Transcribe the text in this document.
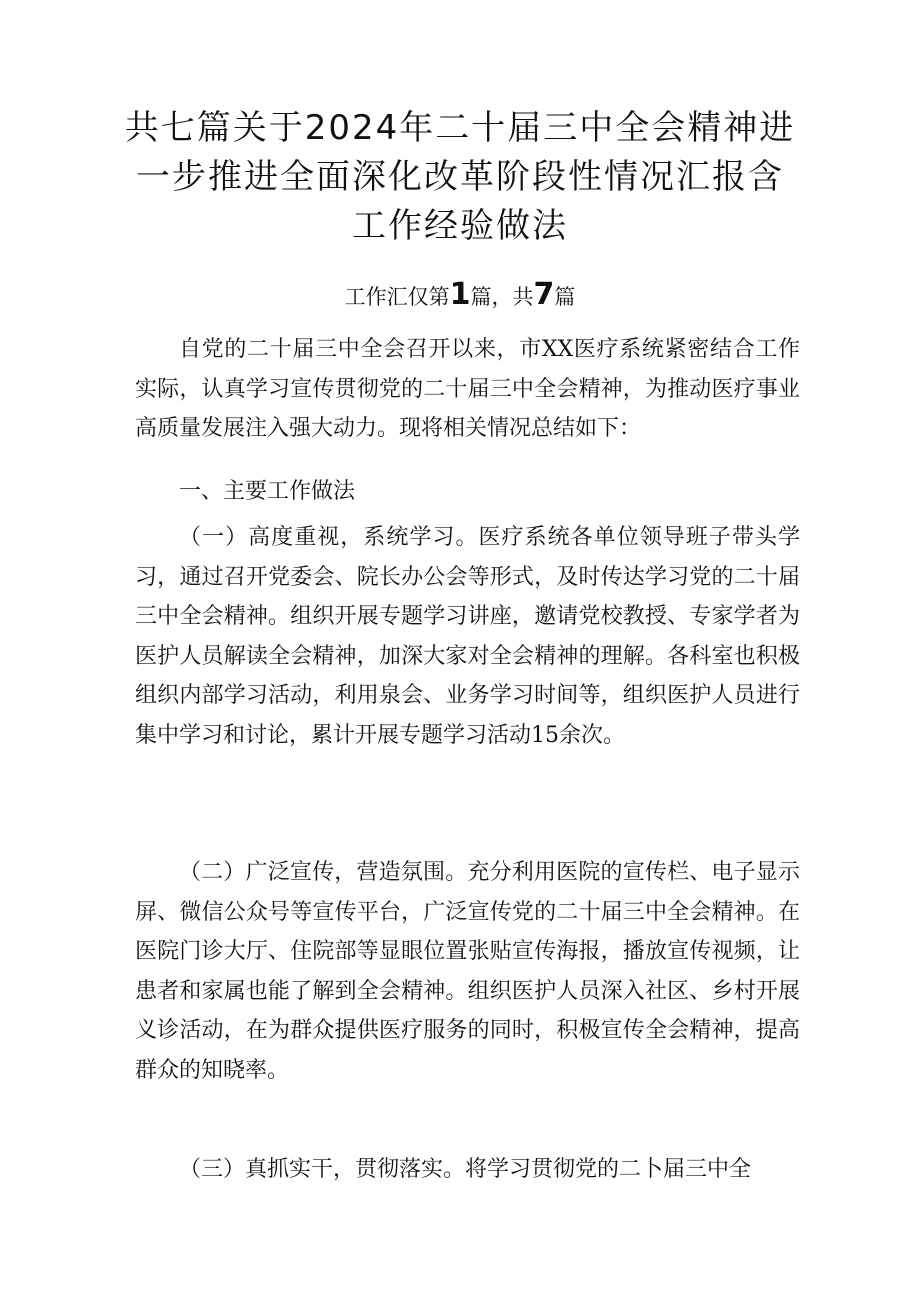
共七篇关于2024年二十届三中全会精神进
一步推进全面深化改革阶段性情况汇报含
工作经验做法
工作汇仅第1篇，共7篇

自党的二十届三中全会召开以来，市XX医疗系统紧密结合工作实际，认真学习宣传贯彻党的二十届三中全会精神，为推动医疗事业高质量发展注入强大动力。现将相关情况总结如下：

一、主要工作做法

（一）高度重视，系统学习。医疗系统各单位领导班子带头学习，通过召开党委会、院长办公会等形式，及时传达学习党的二十届三中全会精神。组织开展专题学习讲座，邀请党校教授、专家学者为医护人员解读全会精神，加深大家对全会精神的理解。各科室也积极组织内部学习活动，利用泉会、业务学习时间等，组织医护人员进行集中学习和讨论，累计开展专题学习活动15余次。

（二）广泛宣传，营造氛围。充分利用医院的宣传栏、电子显示屏、微信公众号等宣传平台，广泛宣传党的二十届三中全会精神。在医院门诊大厅、住院部等显眼位置张贴宣传海报，播放宣传视频，让患者和家属也能了解到全会精神。组织医护人员深入社区、乡村开展义诊活动，在为群众提供医疗服务的同时，积极宣传全会精神，提高群众的知晓率。

（三）真抓实干，贯彻落实。将学习贯彻党的二卜届三中全
